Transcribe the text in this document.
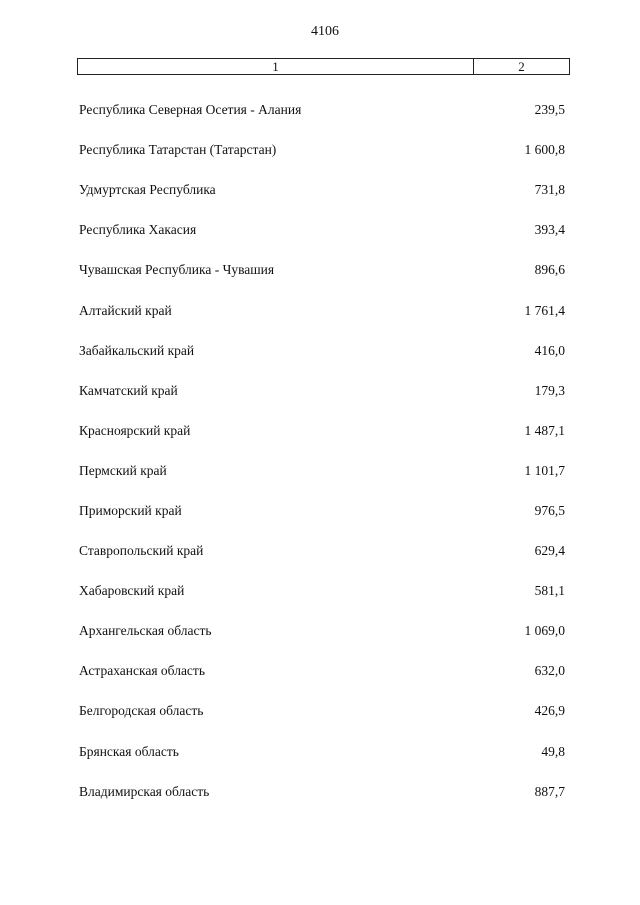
4106
1	2
Республика Северная Осетия - Алания	239,5
Республика Татарстан (Татарстан)	1 600,8
Удмуртская Республика	731,8
Республика Хакасия	393,4
Чувашская Республика - Чувашия	896,6
Алтайский край	1 761,4
Забайкальский край	416,0
Камчатский край	179,3
Красноярский край	1 487,1
Пермский край	1 101,7
Приморский край	976,5
Ставропольский край	629,4
Хабаровский край	581,1
Архангельская область	1 069,0
Астраханская область	632,0
Белгородская область	426,9
Брянская область	49,8
Владимирская область	887,7
